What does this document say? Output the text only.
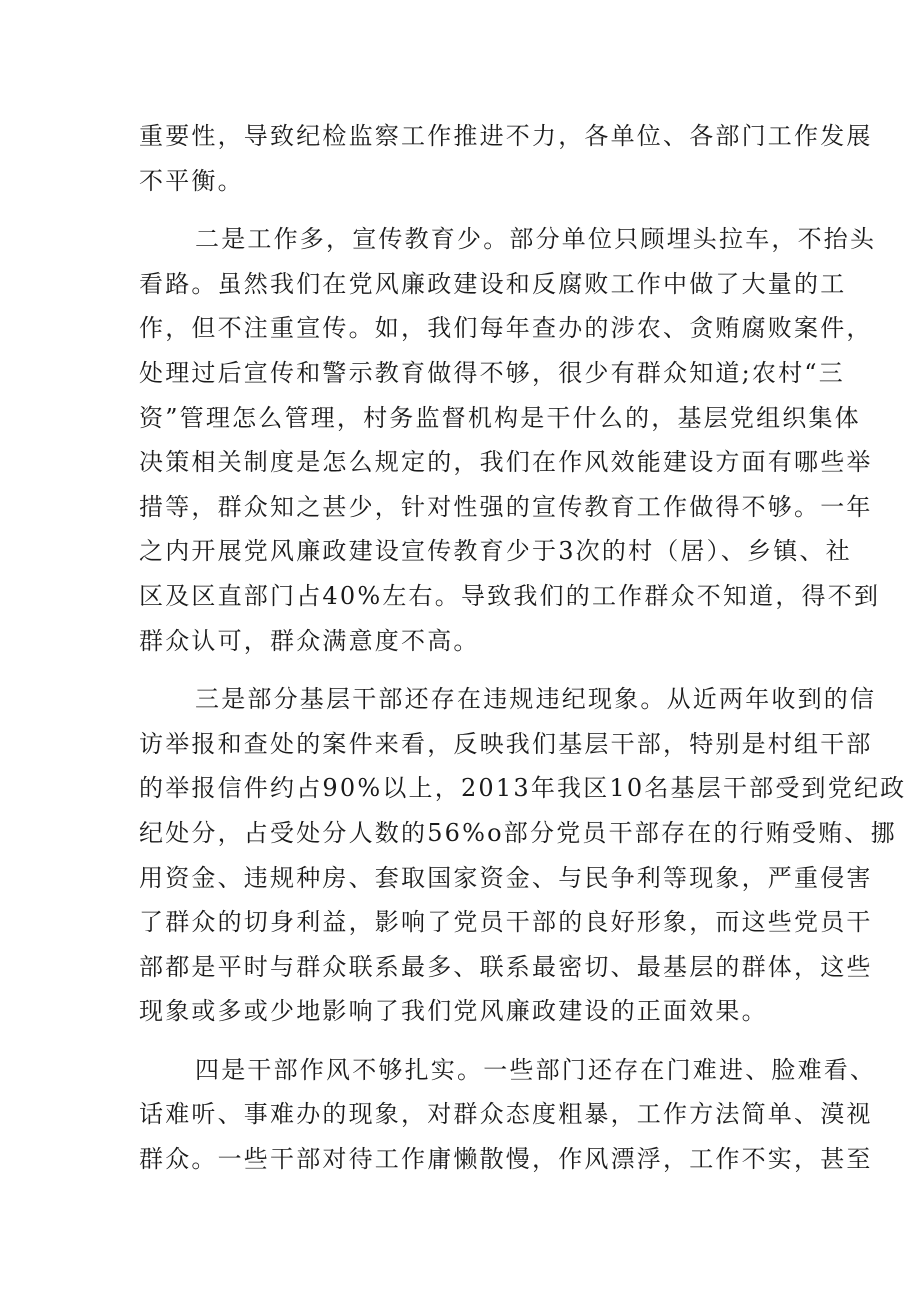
重要性，导致纪检监察工作推进不力，各单位、各部门工作发展
不平衡。
二是工作多，宣传教育少。部分单位只顾埋头拉车，不抬头
看路。虽然我们在党风廉政建设和反腐败工作中做了大量的工
作，但不注重宣传。如，我们每年查办的涉农、贪贿腐败案件，
处理过后宣传和警示教育做得不够，很少有群众知道;农村“三
资”管理怎么管理，村务监督机构是干什么的，基层党组织集体
决策相关制度是怎么规定的，我们在作风效能建设方面有哪些举
措等，群众知之甚少，针对性强的宣传教育工作做得不够。一年
之内开展党风廉政建设宣传教育少于3次的村（居）、乡镇、社
区及区直部门占40%左右。导致我们的工作群众不知道，得不到
群众认可，群众满意度不高。
三是部分基层干部还存在违规违纪现象。从近两年收到的信
访举报和查处的案件来看，反映我们基层干部，特别是村组干部
的举报信件约占90%以上，2013年我区10名基层干部受到党纪政
纪处分，占受处分人数的56%o部分党员干部存在的行贿受贿、挪
用资金、违规种房、套取国家资金、与民争利等现象，严重侵害
了群众的切身利益，影响了党员干部的良好形象，而这些党员干
部都是平时与群众联系最多、联系最密切、最基层的群体，这些
现象或多或少地影响了我们党风廉政建设的正面效果。
四是干部作风不够扎实。一些部门还存在门难进、脸难看、
话难听、事难办的现象，对群众态度粗暴，工作方法简单、漠视
群众。一些干部对待工作庸懒散慢，作风漂浮，工作不实，甚至
